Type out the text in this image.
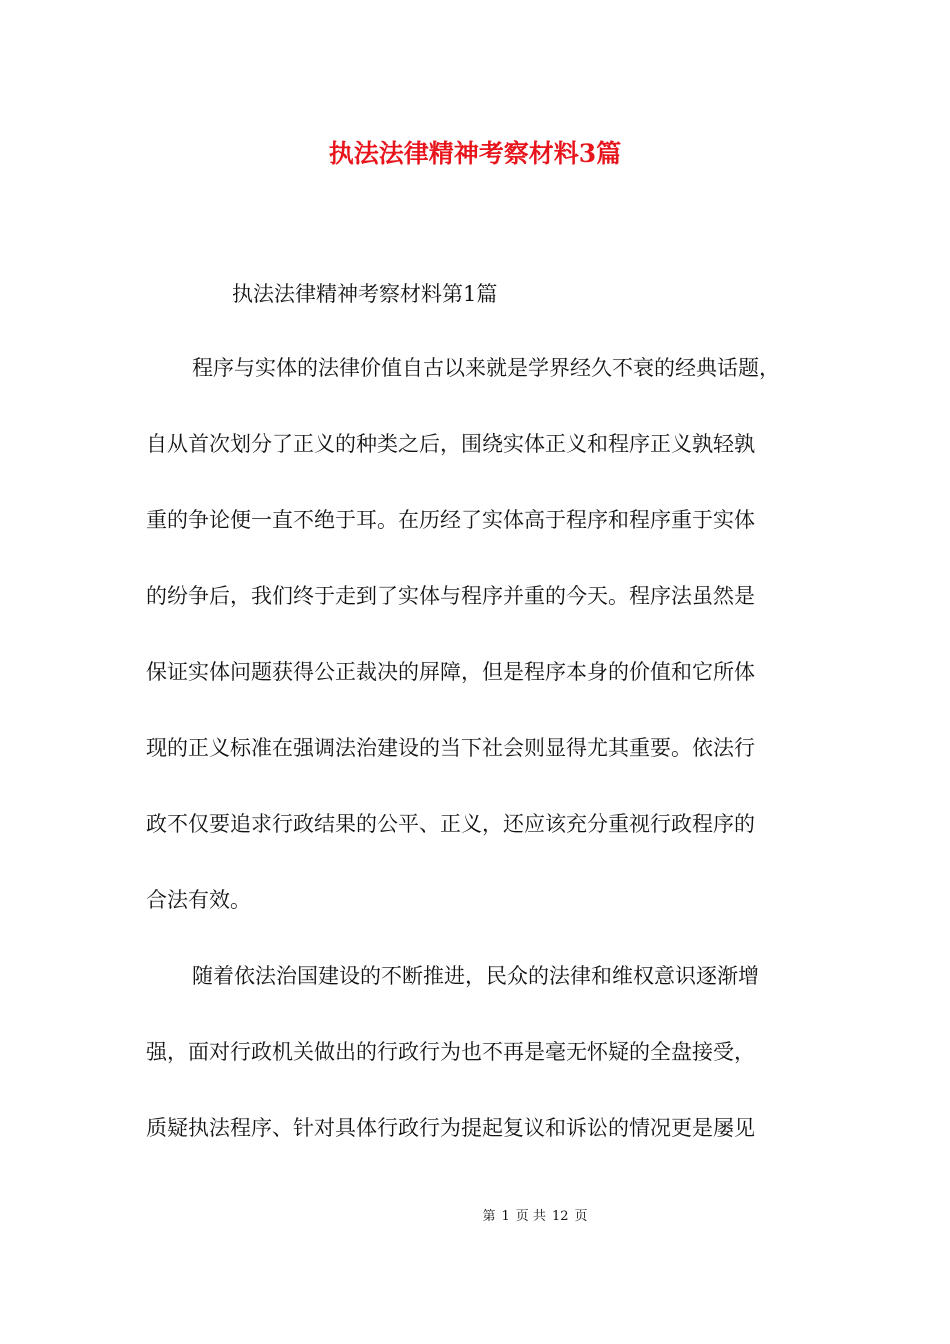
执法法律精神考察材料3篇

执法法律精神考察材料第1篇

程序与实体的法律价值自古以来就是学界经久不衰的经典话题，
自从首次划分了正义的种类之后，围绕实体正义和程序正义孰轻孰
重的争论便一直不绝于耳。在历经了实体高于程序和程序重于实体
的纷争后，我们终于走到了实体与程序并重的今天。程序法虽然是
保证实体问题获得公正裁决的屏障，但是程序本身的价值和它所体
现的正义标准在强调法治建设的当下社会则显得尤其重要。依法行
政不仅要追求行政结果的公平、正义，还应该充分重视行政程序的
合法有效。
随着依法治国建设的不断推进，民众的法律和维权意识逐渐增
强，面对行政机关做出的行政行为也不再是毫无怀疑的全盘接受，
质疑执法程序、针对具体行政行为提起复议和诉讼的情况更是屡见
第 1 页 共 12 页
